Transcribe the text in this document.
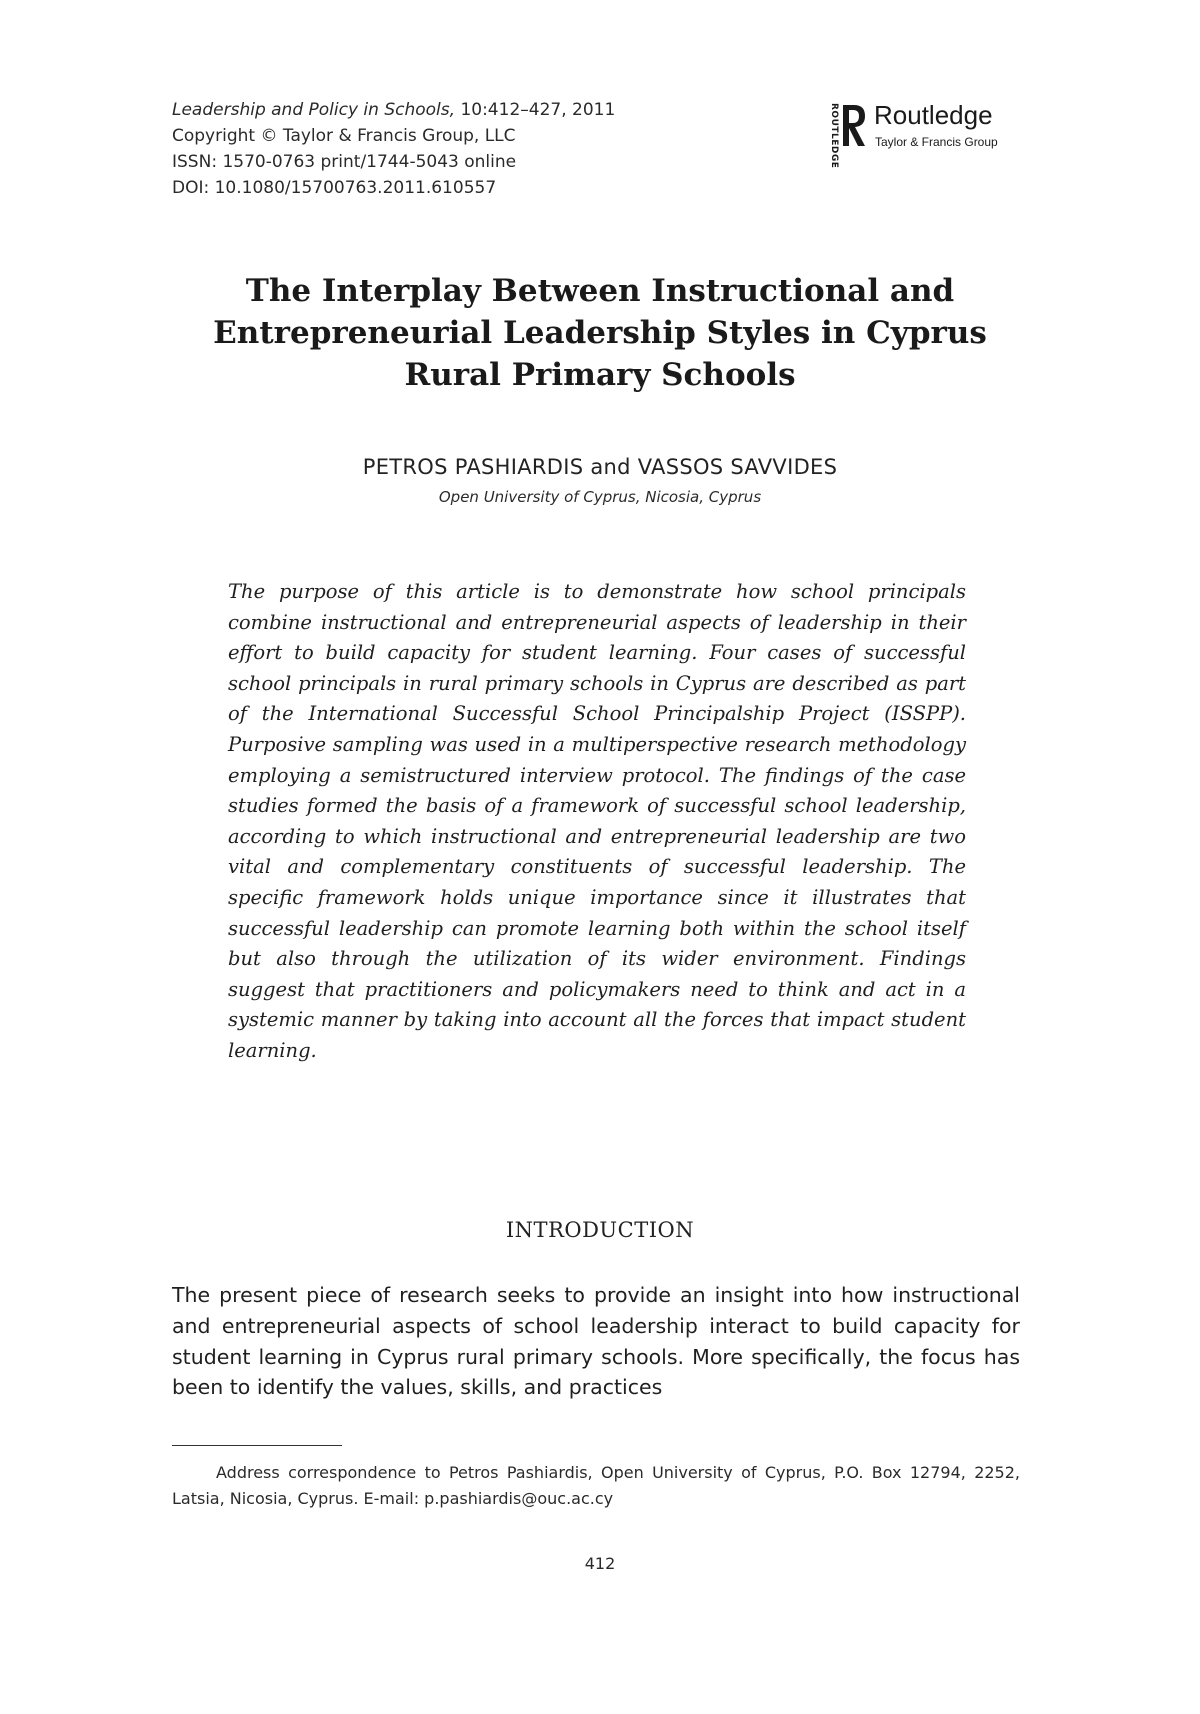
Leadership and Policy in Schools, 10:412–427, 2011
Copyright © Taylor & Francis Group, LLC
ISSN: 1570-0763 print/1744-5043 online
DOI: 10.1080/15700763.2011.610557
ROUTLEDGE Routledge
Taylor & Francis Group
The Interplay Between Instructional and
Entrepreneurial Leadership Styles in Cyprus
Rural Primary Schools
PETROS PASHIARDIS and VASSOS SAVVIDES
Open University of Cyprus, Nicosia, Cyprus

The purpose of this article is to demonstrate how school principals combine instructional and entrepreneurial aspects of leadership in their effort to build capacity for student learning. Four cases of successful school principals in rural primary schools in Cyprus are described as part of the International Successful School Principalship Project (ISSPP). Purposive sampling was used in a multiperspective research methodology employing a semistructured interview protocol. The findings of the case studies formed the basis of a framework of successful school leadership, according to which instructional and entrepreneurial leadership are two vital and complementary constituents of successful leadership. The specific framework holds unique importance since it illustrates that successful leadership can promote learning both within the school itself but also through the utilization of its wider environment. Findings suggest that practitioners and policymakers need to think and act in a systemic manner by taking into account all the forces that impact student learning.

INTRODUCTION

The present piece of research seeks to provide an insight into how instructional and entrepreneurial aspects of school leadership interact to build capacity for student learning in Cyprus rural primary schools. More specifically, the focus has been to identify the values, skills, and practices

Address correspondence to Petros Pashiardis, Open University of Cyprus, P.O. Box 12794, 2252, Latsia, Nicosia, Cyprus. E-mail: p.pashiardis@ouc.ac.cy

412
